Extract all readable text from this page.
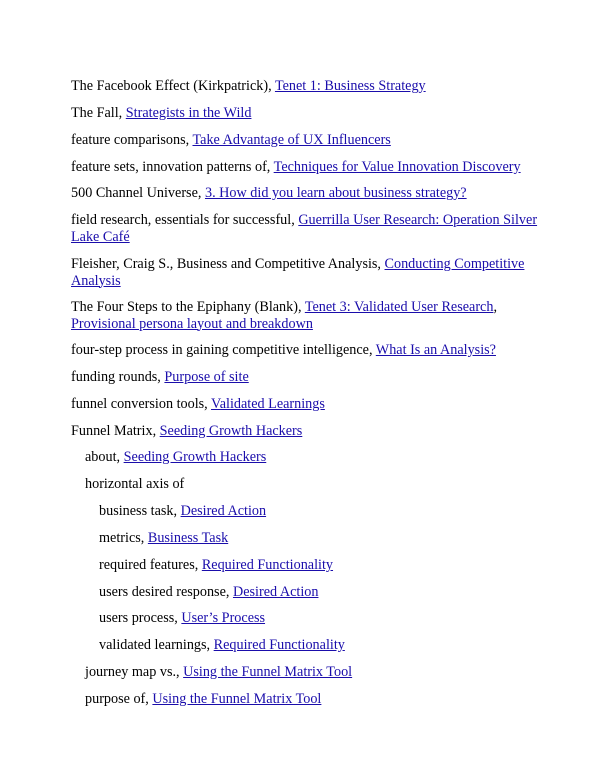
The Facebook Effect (Kirkpatrick), Tenet 1: Business Strategy
The Fall, Strategists in the Wild
feature comparisons, Take Advantage of UX Influencers
feature sets, innovation patterns of, Techniques for Value Innovation Discovery
500 Channel Universe, 3. How did you learn about business strategy?
field research, essentials for successful, Guerrilla User Research: Operation Silver Lake Café
Fleisher, Craig S., Business and Competitive Analysis, Conducting Competitive Analysis
The Four Steps to the Epiphany (Blank), Tenet 3: Validated User Research, Provisional persona layout and breakdown
four-step process in gaining competitive intelligence, What Is an Analysis?
funding rounds, Purpose of site
funnel conversion tools, Validated Learnings
Funnel Matrix, Seeding Growth Hackers
about, Seeding Growth Hackers
horizontal axis of
business task, Desired Action
metrics, Business Task
required features, Required Functionality
users desired response, Desired Action
users process, User’s Process
validated learnings, Required Functionality
journey map vs., Using the Funnel Matrix Tool
purpose of, Using the Funnel Matrix Tool
